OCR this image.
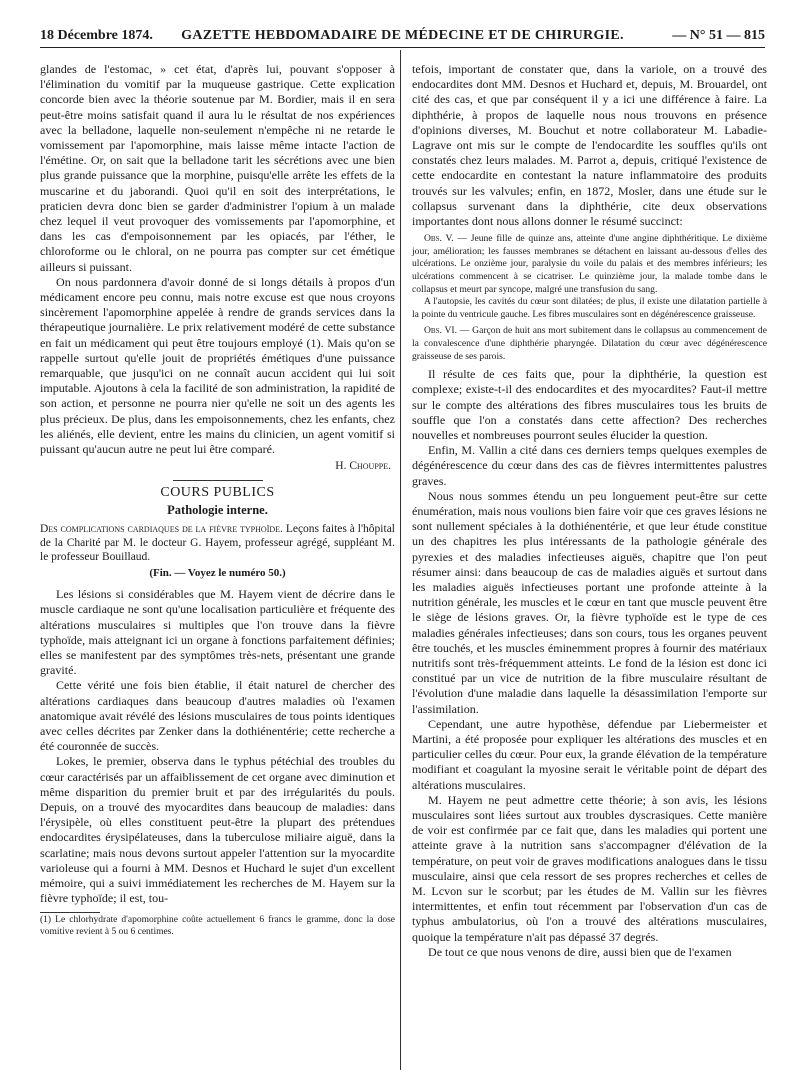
18 Décembre 1874.	GAZETTE HEBDOMADAIRE DE MÉDECINE ET DE CHIRURGIE.	— N° 51 — 815

glandes de l'estomac, » cet état, d'après lui, pouvant s'opposer à l'élimination du vomitif par la muqueuse gastrique. Cette explication concorde bien avec la théorie soutenue par M. Bordier, mais il en sera peut-être moins satisfait quand il aura lu le résultat de nos expériences avec la belladone, laquelle non-seulement n'empêche ni ne retarde le vomissement par l'apomorphine, mais laisse même intacte l'action de l'émétine. Or, on sait que la belladone tarit les sécrétions avec une bien plus grande puissance que la morphine, puisqu'elle arrête les effets de la muscarine et du jaborandi. Quoi qu'il en soit des interprétations, le praticien devra donc bien se garder d'administrer l'opium à un malade chez lequel il veut provoquer des vomissements par l'apomorphine, et dans les cas d'empoisonnement par les opiacés, par l'éther, le chloroforme ou le chloral, on ne pourra pas compter sur cet émétique ailleurs si puissant.

On nous pardonnera d'avoir donné de si longs détails à propos d'un médicament encore peu connu, mais notre excuse est que nous croyons sincèrement l'apomorphine appelée à rendre de grands services dans la thérapeutique journalière. Le prix relativement modéré de cette substance en fait un médicament qui peut être toujours employé (1). Mais qu'on se rappelle surtout qu'elle jouit de propriétés émétiques d'une puissance remarquable, que jusqu'ici on ne connaît aucun accident qui lui soit imputable. Ajoutons à cela la facilité de son administration, la rapidité de son action, et personne ne pourra nier qu'elle ne soit un des agents les plus précieux. De plus, dans les empoisonnements, chez les enfants, chez les aliénés, elle devient, entre les mains du clinicien, un agent vomitif si puissant qu'aucun autre ne peut lui être comparé.

H. Chouppe.
COURS PUBLICS
Pathologie interne.
Des complications cardiaques de la fièvre typhoïde. Leçons faites à l'hôpital de la Charité par M. le docteur G. Hayem, professeur agrégé, suppléant M. le professeur Bouillaud.
(Fin. — Voyez le numéro 50.)

Les lésions si considérables que M. Hayem vient de décrire dans le muscle cardiaque ne sont qu'une localisation particulière et fréquente des altérations musculaires si multiples que l'on trouve dans la fièvre typhoïde, mais atteignant ici un organe à fonctions parfaitement définies; elles se manifestent par des symptômes très-nets, présentant une grande gravité.

Cette vérité une fois bien établie, il était naturel de chercher des altérations cardiaques dans beaucoup d'autres maladies où l'examen anatomique avait révélé des lésions musculaires de tous points identiques avec celles décrites par Zenker dans la dothiénentérie; cette recherche a été couronnée de succès.

Lokes, le premier, observa dans le typhus pétéchial des troubles du cœur caractérisés par un affaiblissement de cet organe avec diminution et même disparition du premier bruit et par des irrégularités du pouls. Depuis, on a trouvé des myocardites dans beaucoup de maladies: dans l'érysipèle, où elles constituent peut-être la plupart des prétendues endocardites érysipélateuses, dans la tuberculose miliaire aiguë, dans la scarlatine; mais nous devons surtout appeler l'attention sur la myocardite varioleuse qui a fourni à MM. Desnos et Huchard le sujet d'un excellent mémoire, qui a suivi immédiatement les recherches de M. Hayem sur la fièvre typhoïde; il est, tou-

(1) Le chlorhydrate d'apomorphine coûte actuellement 6 francs le gramme, donc la dose vomitive revient à 5 ou 6 centimes.

tefois, important de constater que, dans la variole, on a trouvé des endocardites dont MM. Desnos et Huchard et, depuis, M. Brouardel, ont cité des cas, et que par conséquent il y a ici une différence à faire. La diphthérie, à propos de laquelle nous nous trouvons en présence d'opinions diverses, M. Bouchut et notre collaborateur M. Labadie-Lagrave ont mis sur le compte de l'endocardite les souffles qu'ils ont constatés chez leurs malades. M. Parrot a, depuis, critiqué l'existence de cette endocardite en contestant la nature inflammatoire des produits trouvés sur les valvules; enfin, en 1872, Mosler, dans une étude sur le collapsus survenant dans la diphthérie, cite deux observations importantes dont nous allons donner le résumé succinct:

Obs. V. — Jeune fille de quinze ans, atteinte d'une angine diphthéritique. Le dixième jour, amélioration; les fausses membranes se détachent en laissant au-dessous d'elles des ulcérations. Le onzième jour, paralysie du voile du palais et des membres inférieurs; les ulcérations commencent à se cicatriser. Le quinzième jour, la malade tombe dans le collapsus et meurt par syncope, malgré une transfusion du sang.

A l'autopsie, les cavités du cœur sont dilatées; de plus, il existe une dilatation partielle à la pointe du ventricule gauche. Les fibres musculaires sont en dégénérescence graisseuse.

Obs. VI. — Garçon de huit ans mort subitement dans le collapsus au commencement de la convalescence d'une diphthérie pharyngée. Dilatation du cœur avec dégénérescence graisseuse de ses parois.

Il résulte de ces faits que, pour la diphthérie, la question est complexe; existe-t-il des endocardites et des myocardites? Faut-il mettre sur le compte des altérations des fibres musculaires tous les bruits de souffle que l'on a constatés dans cette affection? Des recherches nouvelles et nombreuses pourront seules élucider la question.

Enfin, M. Vallin a cité dans ces derniers temps quelques exemples de dégénérescence du cœur dans des cas de fièvres intermittentes palustres graves.

Nous nous sommes étendu un peu longuement peut-être sur cette énumération, mais nous voulions bien faire voir que ces graves lésions ne sont nullement spéciales à la dothiénentérie, et que leur étude constitue un des chapitres les plus intéressants de la pathologie générale des pyrexies et des maladies infectieuses aiguës, chapitre que l'on peut résumer ainsi: dans beaucoup de cas de maladies aiguës et surtout dans les maladies aiguës infectieuses portant une profonde atteinte à la nutrition générale, les muscles et le cœur en tant que muscle peuvent être le siège de lésions graves. Or, la fièvre typhoïde est le type de ces maladies générales infectieuses; dans son cours, tous les organes peuvent être touchés, et les muscles éminemment propres à fournir des matériaux nutritifs sont très-fréquemment atteints. Le fond de la lésion est donc ici constitué par un vice de nutrition de la fibre musculaire résultant de l'évolution d'une maladie dans laquelle la désassimilation l'emporte sur l'assimilation.

Cependant, une autre hypothèse, défendue par Liebermeister et Martini, a été proposée pour expliquer les altérations des muscles et en particulier celles du cœur. Pour eux, la grande élévation de la température modifiant et coagulant la myosine serait le véritable point de départ des altérations musculaires.

M. Hayem ne peut admettre cette théorie; à son avis, les lésions musculaires sont liées surtout aux troubles dyscrasiques. Cette manière de voir est confirmée par ce fait que, dans les maladies qui portent une atteinte grave à la nutrition sans s'accompagner d'élévation de la température, on peut voir de graves modifications analogues dans le tissu musculaire, ainsi que cela ressort de ses propres recherches et celles de M. Lcvon sur le scorbut; par les études de M. Vallin sur les fièvres intermittentes, et enfin tout récemment par l'observation d'un cas de typhus ambulatorius, où l'on a trouvé des altérations musculaires, quoique la température n'ait pas dépassé 37 degrés.

De tout ce que nous venons de dire, aussi bien que de l'examen
